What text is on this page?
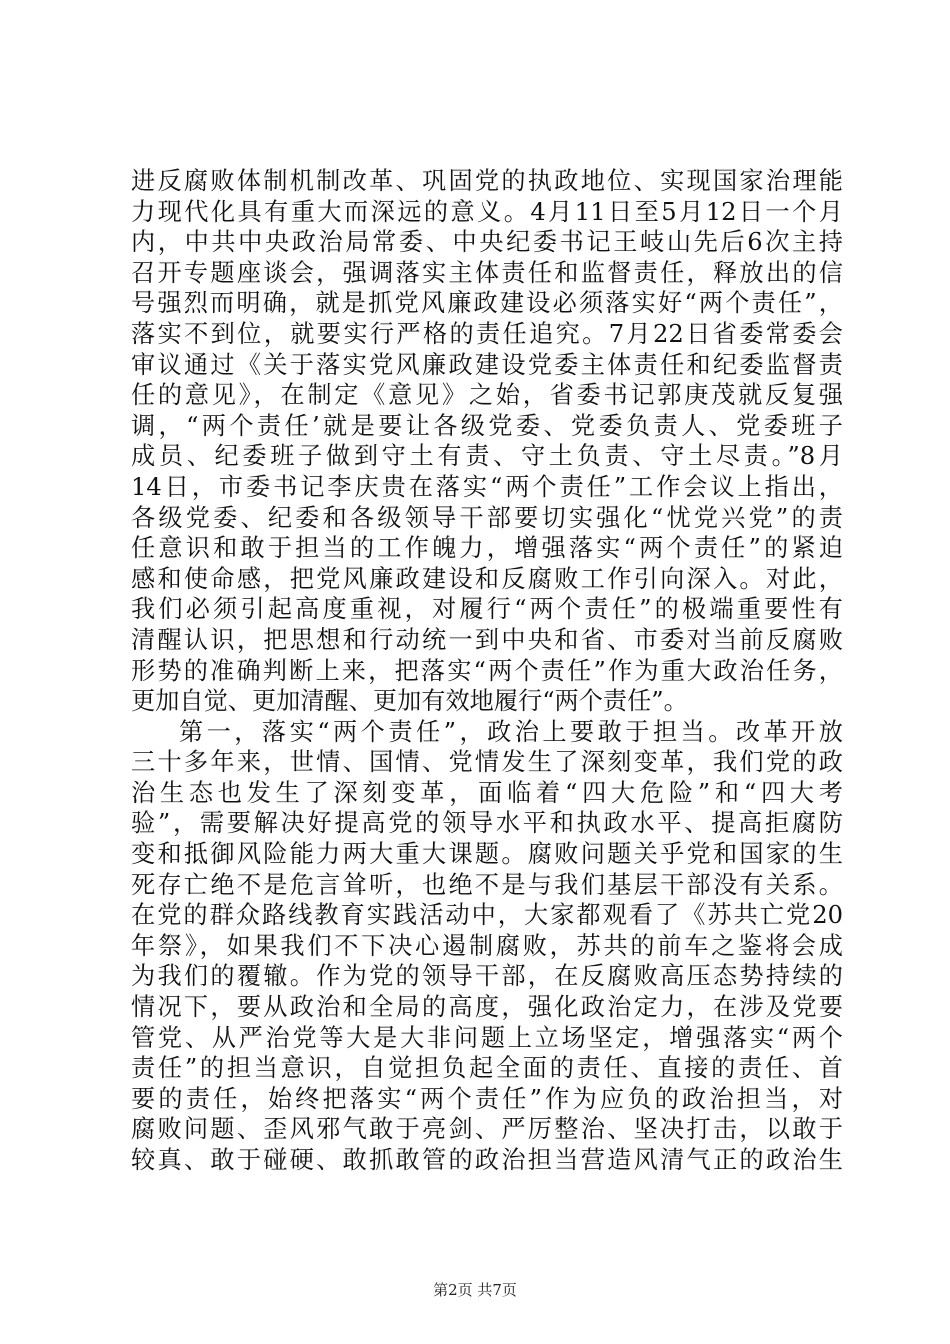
进反腐败体制机制改革、巩固党的执政地位、实现国家治理能
力现代化具有重大而深远的意义。4月11日至5月12日一个月
内，中共中央政治局常委、中央纪委书记王岐山先后6次主持
召开专题座谈会，强调落实主体责任和监督责任，释放出的信
号强烈而明确，就是抓党风廉政建设必须落实好“两个责任”，
落实不到位，就要实行严格的责任追究。7月22日省委常委会
审议通过《关于落实党风廉政建设党委主体责任和纪委监督责
任的意见》，在制定《意见》之始，省委书记郭庚茂就反复强
调，“两个责任’就是要让各级党委、党委负责人、党委班子
成员、纪委班子做到守土有责、守土负责、守土尽责。”8月
14日，市委书记李庆贵在落实“两个责任”工作会议上指出，
各级党委、纪委和各级领导干部要切实强化“忧党兴党”的责
任意识和敢于担当的工作魄力，增强落实“两个责任”的紧迫
感和使命感，把党风廉政建设和反腐败工作引向深入。对此，
我们必须引起高度重视，对履行“两个责任”的极端重要性有
清醒认识，把思想和行动统一到中央和省、市委对当前反腐败
形势的准确判断上来，把落实“两个责任”作为重大政治任务，
更加自觉、更加清醒、更加有效地履行“两个责任”。
第一，落实“两个责任”，政治上要敢于担当。改革开放
三十多年来，世情、国情、党情发生了深刻变革，我们党的政
治生态也发生了深刻变革，面临着“四大危险”和“四大考
验”，需要解决好提高党的领导水平和执政水平、提高拒腐防
变和抵御风险能力两大重大课题。腐败问题关乎党和国家的生
死存亡绝不是危言耸听，也绝不是与我们基层干部没有关系。
在党的群众路线教育实践活动中，大家都观看了《苏共亡党20
年祭》，如果我们不下决心遏制腐败，苏共的前车之鉴将会成
为我们的覆辙。作为党的领导干部，在反腐败高压态势持续的
情况下，要从政治和全局的高度，强化政治定力，在涉及党要
管党、从严治党等大是大非问题上立场坚定，增强落实“两个
责任”的担当意识，自觉担负起全面的责任、直接的责任、首
要的责任，始终把落实“两个责任”作为应负的政治担当，对
腐败问题、歪风邪气敢于亮剑、严厉整治、坚决打击，以敢于
较真、敢于碰硬、敢抓敢管的政治担当营造风清气正的政治生
第2页 共7页
